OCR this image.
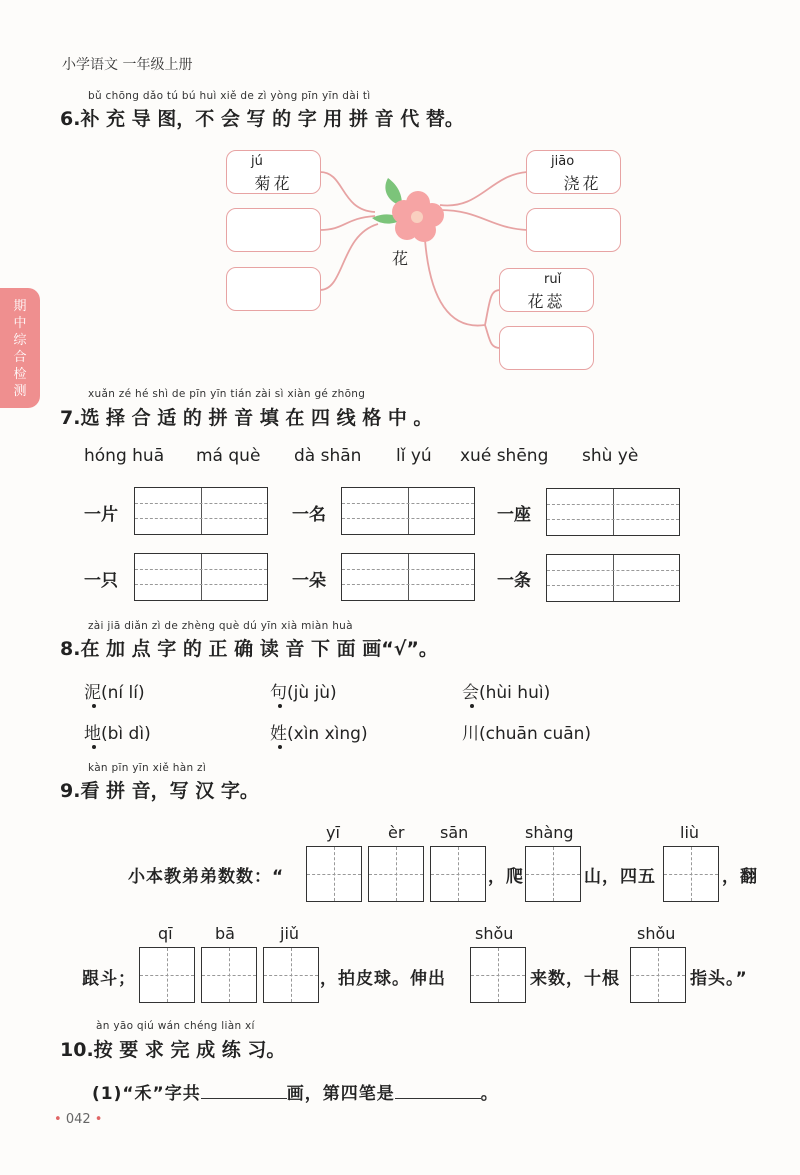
小学语文 一年级上册
期
中
综
合
检
测
bǔ chōng dǎo tú bú huì xiě de zì yòng pīn yīn dài tì
6.补 充 导 图，不 会 写 的 字 用 拼 音 代 替。
花
jú
菊花
jiāo
浇花
ruǐ
花蕊
xuǎn zé hé shì de pīn yīn tián zài sì xiàn gé zhōng
7.选 择 合 适 的 拼 音 填 在 四 线 格 中 。
hóng huā má què dà shān lǐ yú xué shēng shù yè
一片	一名	一座
一只	一朵	一条
zài jiā diǎn zì de zhèng què dú yīn xià miàn huà
8.在 加 点 字 的 正 确 读 音 下 面 画“√”。
泥(ní lí)	句(jù jù)	会(hùi huì)
地(bì dì)	姓(xìn xìng)	川(chuān cuān)
kàn pīn yīn xiě hàn zì
9.看 拼 音，写 汉 字。
yī	èr sān	shàng	liù
小本教弟弟数数：“	，爬	山，四五	，翻
qī	bā	jiǔ	shǒu	shǒu
跟斗；	，拍皮球。伸出	来数，十根	指头。”
àn yāo qiú wán chéng liàn xí
10.按 要 求 完 成 练 习。
(1)“禾”字共	画，第四笔是	。
• 042 •
